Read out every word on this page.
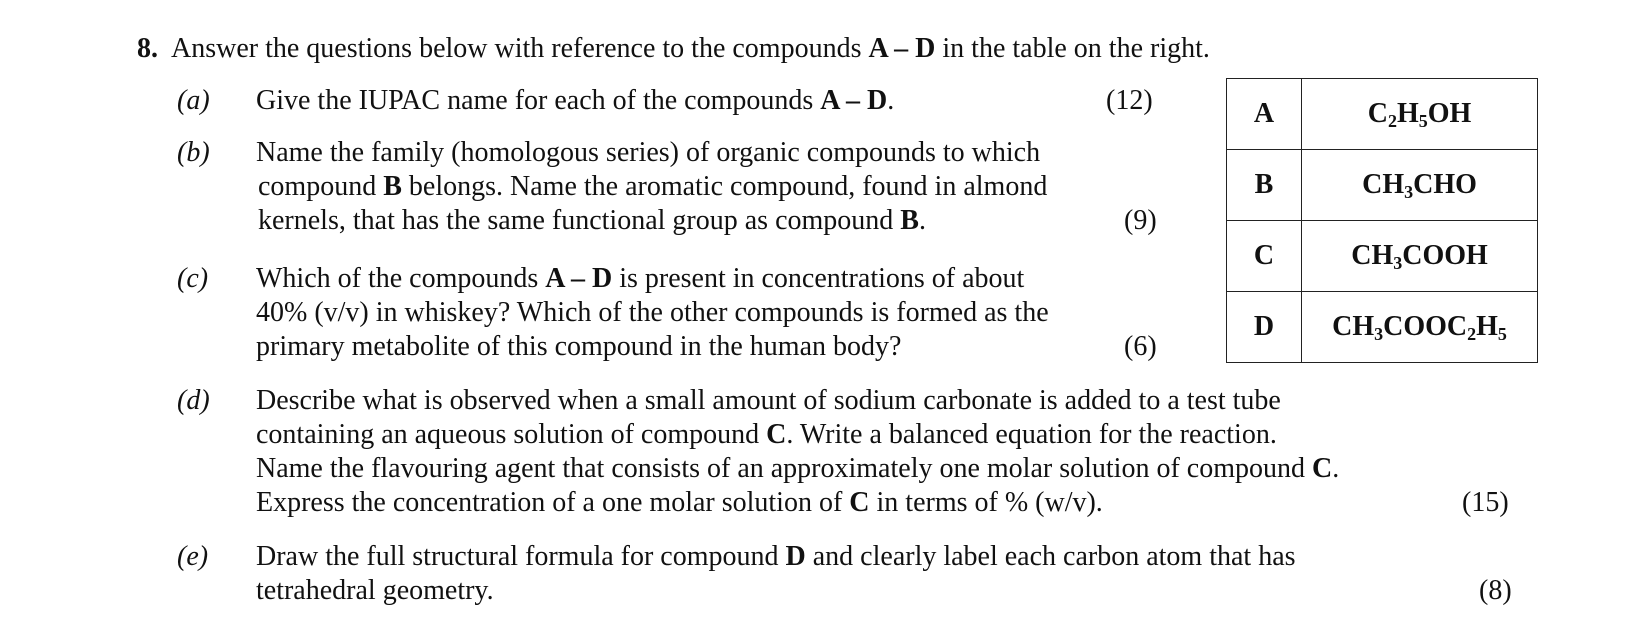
8. Answer the questions below with reference to the compounds A – D in the table on the right.
(a) Give the IUPAC name for each of the compounds A – D.	(12)
(b) Name the family (homologous series) of organic compounds to which
compound B belongs. Name the aromatic compound, found in almond
kernels, that has the same functional group as compound B.	(9)
(c) Which of the compounds A – D is present in concentrations of about
40% (v/v) in whiskey? Which of the other compounds is formed as the
primary metabolite of this compound in the human body?	(6)
(d) Describe what is observed when a small amount of sodium carbonate is added to a test tube
containing an aqueous solution of compound C. Write a balanced equation for the reaction.
Name the flavouring agent that consists of an approximately one molar solution of compound C.
Express the concentration of a one molar solution of C in terms of % (w/v).	(15)
(e) Draw the full structural formula for compound D and clearly label each carbon atom that has
tetrahedral geometry.	(8)
A	$C_2H_5OH$
B	$CH_3CHO$
C	$CH_3COOH$
D	$CH_3COOC_2H_5$
